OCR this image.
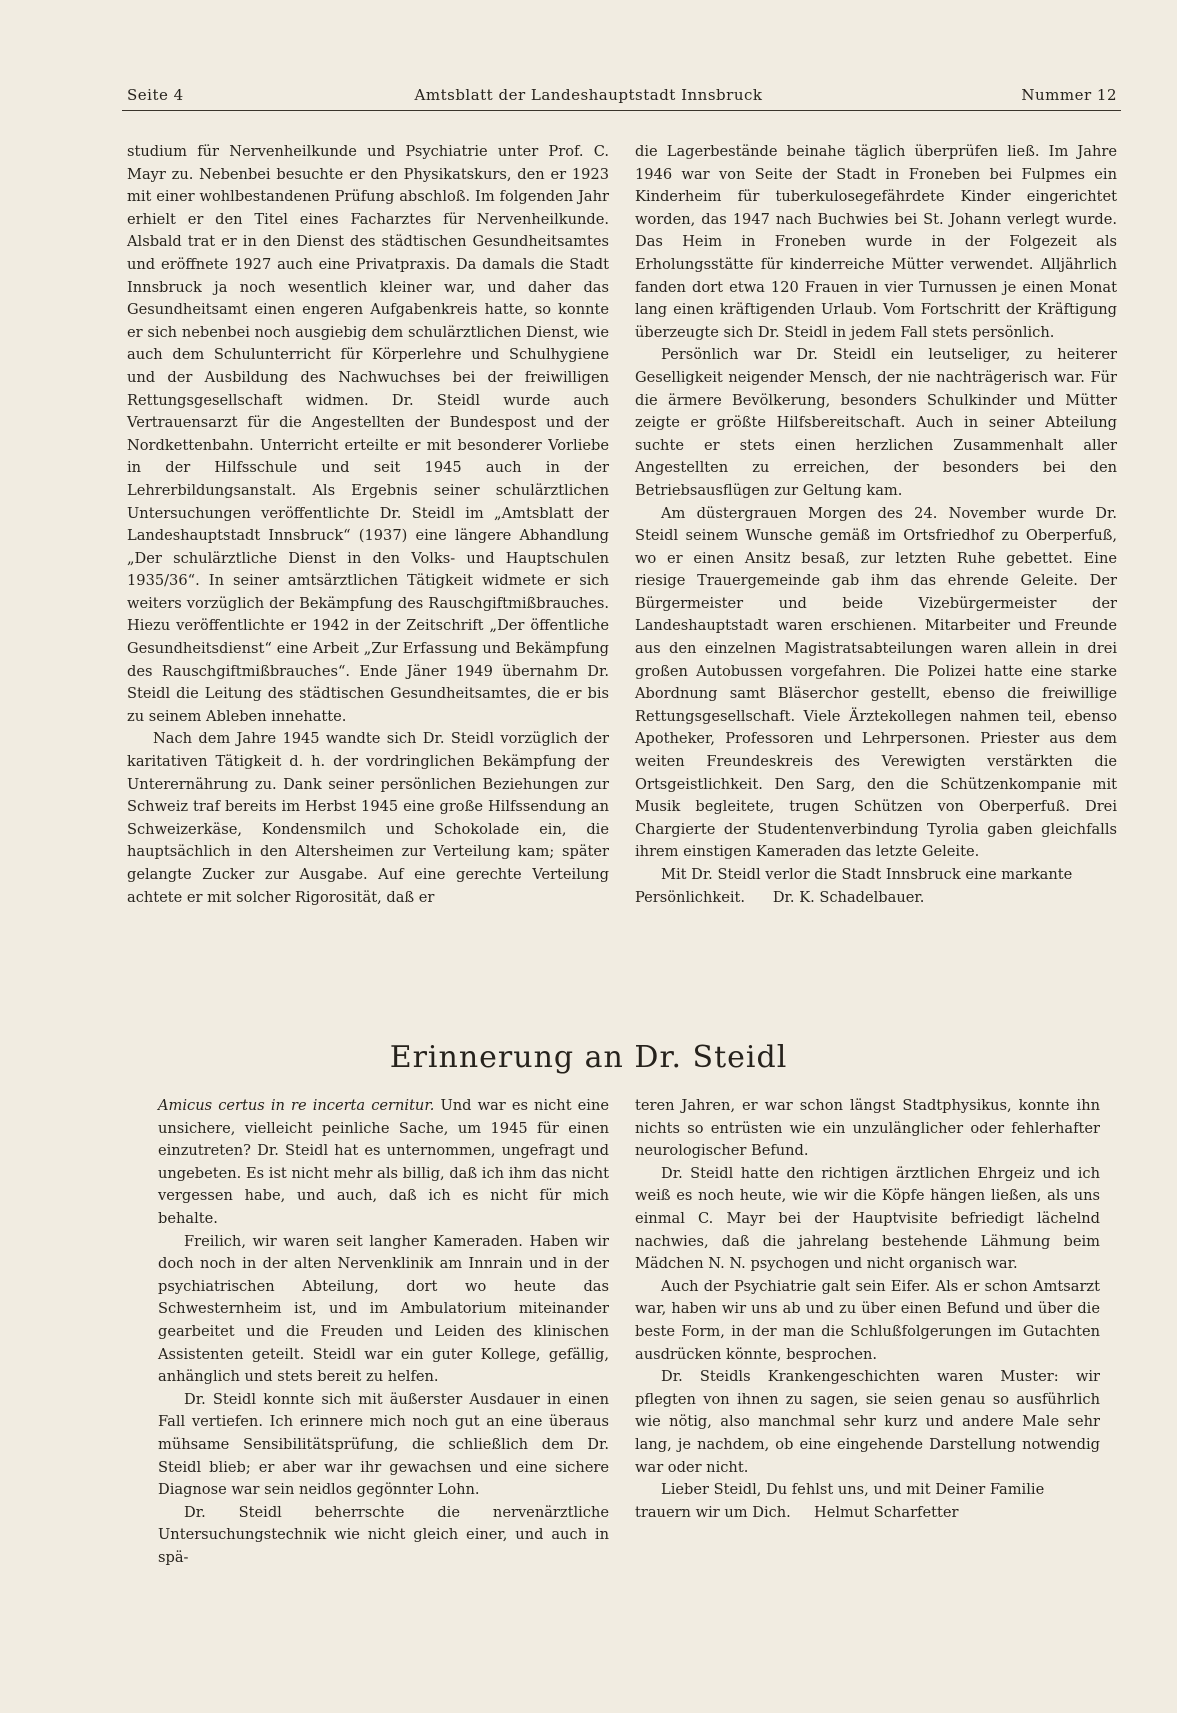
Seite 4	Amtsblatt der Landeshauptstadt Innsbruck	Nummer 12

studium für Nervenheilkunde und Psychiatrie unter Prof. C. Mayr zu. Nebenbei besuchte er den Physikatskurs, den er 1923 mit einer wohlbestandenen Prüfung abschloß. Im folgenden Jahr erhielt er den Titel eines Facharztes für Nervenheilkunde. Alsbald trat er in den Dienst des städtischen Gesundheitsamtes und eröffnete 1927 auch eine Privatpraxis. Da damals die Stadt Innsbruck ja noch wesentlich kleiner war, und daher das Gesundheitsamt einen engeren Aufgabenkreis hatte, so konnte er sich nebenbei noch ausgiebig dem schulärztlichen Dienst, wie auch dem Schulunterricht für Körperlehre und Schulhygiene und der Ausbildung des Nachwuchses bei der freiwilligen Rettungsgesellschaft widmen. Dr. Steidl wurde auch Vertrauensarzt für die Angestellten der Bundespost und der Nordkettenbahn. Unterricht erteilte er mit besonderer Vorliebe in der Hilfsschule und seit 1945 auch in der Lehrerbildungsanstalt. Als Ergebnis seiner schulärztlichen Untersuchungen veröffentlichte Dr. Steidl im „Amtsblatt der Landeshauptstadt Innsbruck“ (1937) eine längere Abhandlung „Der schulärztliche Dienst in den Volks- und Hauptschulen 1935/36“. In seiner amtsärztlichen Tätigkeit widmete er sich weiters vorzüglich der Bekämpfung des Rauschgiftmißbrauches. Hiezu veröffentlichte er 1942 in der Zeitschrift „Der öffentliche Gesundheitsdienst“ eine Arbeit „Zur Erfassung und Bekämpfung des Rauschgiftmißbrauches“. Ende Jäner 1949 übernahm Dr. Steidl die Leitung des städtischen Gesundheitsamtes, die er bis zu seinem Ableben innehatte.

Nach dem Jahre 1945 wandte sich Dr. Steidl vorzüglich der karitativen Tätigkeit d. h. der vordringlichen Bekämpfung der Unterernährung zu. Dank seiner persönlichen Beziehungen zur Schweiz traf bereits im Herbst 1945 eine große Hilfssendung an Schweizerkäse, Kondensmilch und Schokolade ein, die hauptsächlich in den Altersheimen zur Verteilung kam; später gelangte Zucker zur Ausgabe. Auf eine gerechte Verteilung achtete er mit solcher Rigorosität, daß er

die Lagerbestände beinahe täglich überprüfen ließ. Im Jahre 1946 war von Seite der Stadt in Froneben bei Fulpmes ein Kinderheim für tuberkulosegefährdete Kinder eingerichtet worden, das 1947 nach Buchwies bei St. Johann verlegt wurde. Das Heim in Froneben wurde in der Folgezeit als Erholungsstätte für kinderreiche Mütter verwendet. Alljährlich fanden dort etwa 120 Frauen in vier Turnussen je einen Monat lang einen kräftigenden Urlaub. Vom Fortschritt der Kräftigung überzeugte sich Dr. Steidl in jedem Fall stets persönlich.

Persönlich war Dr. Steidl ein leutseliger, zu heiterer Geselligkeit neigender Mensch, der nie nachträgerisch war. Für die ärmere Bevölkerung, besonders Schulkinder und Mütter zeigte er größte Hilfsbereitschaft. Auch in seiner Abteilung suchte er stets einen herzlichen Zusammenhalt aller Angestellten zu erreichen, der besonders bei den Betriebsausflügen zur Geltung kam.

Am düstergrauen Morgen des 24. November wurde Dr. Steidl seinem Wunsche gemäß im Ortsfriedhof zu Oberperfuß, wo er einen Ansitz besaß, zur letzten Ruhe gebettet. Eine riesige Trauergemeinde gab ihm das ehrende Geleite. Der Bürgermeister und beide Vizebürgermeister der Landeshauptstadt waren erschienen. Mitarbeiter und Freunde aus den einzelnen Magistratsabteilungen waren allein in drei großen Autobussen vorgefahren. Die Polizei hatte eine starke Abordnung samt Bläserchor gestellt, ebenso die freiwillige Rettungsgesellschaft. Viele Ärztekollegen nahmen teil, ebenso Apotheker, Professoren und Lehrpersonen. Priester aus dem weiten Freundeskreis des Verewigten verstärkten die Ortsgeistlichkeit. Den Sarg, den die Schützenkompanie mit Musik begleitete, trugen Schützen von Oberperfuß. Drei Chargierte der Studentenverbindung Tyrolia gaben gleichfalls ihrem einstigen Kameraden das letzte Geleite.

Mit Dr. Steidl verlor die Stadt Innsbruck eine markante Persönlichkeit. Dr. K. Schadelbauer.

Erinnerung an Dr. Steidl

Amicus certus in re incerta cernitur. Und war es nicht eine unsichere, vielleicht peinliche Sache, um 1945 für einen einzutreten? Dr. Steidl hat es unternommen, ungefragt und ungebeten. Es ist nicht mehr als billig, daß ich ihm das nicht vergessen habe, und auch, daß ich es nicht für mich behalte.

Freilich, wir waren seit langher Kameraden. Haben wir doch noch in der alten Nervenklinik am Innrain und in der psychiatrischen Abteilung, dort wo heute das Schwesternheim ist, und im Ambulatorium miteinander gearbeitet und die Freuden und Leiden des klinischen Assistenten geteilt. Steidl war ein guter Kollege, gefällig, anhänglich und stets bereit zu helfen.

Dr. Steidl konnte sich mit äußerster Ausdauer in einen Fall vertiefen. Ich erinnere mich noch gut an eine überaus mühsame Sensibilitätsprüfung, die schließlich dem Dr. Steidl blieb; er aber war ihr gewachsen und eine sichere Diagnose war sein neidlos gegönnter Lohn.

Dr. Steidl beherrschte die nervenärztliche Untersuchungstechnik wie nicht gleich einer, und auch in spä-

teren Jahren, er war schon längst Stadtphysikus, konnte ihn nichts so entrüsten wie ein unzulänglicher oder fehlerhafter neurologischer Befund.

Dr. Steidl hatte den richtigen ärztlichen Ehrgeiz und ich weiß es noch heute, wie wir die Köpfe hängen ließen, als uns einmal C. Mayr bei der Hauptvisite befriedigt lächelnd nachwies, daß die jahrelang bestehende Lähmung beim Mädchen N. N. psychogen und nicht organisch war.

Auch der Psychiatrie galt sein Eifer. Als er schon Amtsarzt war, haben wir uns ab und zu über einen Befund und über die beste Form, in der man die Schlußfolgerungen im Gutachten ausdrücken könnte, besprochen.

Dr. Steidls Krankengeschichten waren Muster: wir pflegten von ihnen zu sagen, sie seien genau so ausführlich wie nötig, also manchmal sehr kurz und andere Male sehr lang, je nachdem, ob eine eingehende Darstellung notwendig war oder nicht.

Lieber Steidl, Du fehlst uns, und mit Deiner Familie trauern wir um Dich. Helmut Scharfetter
